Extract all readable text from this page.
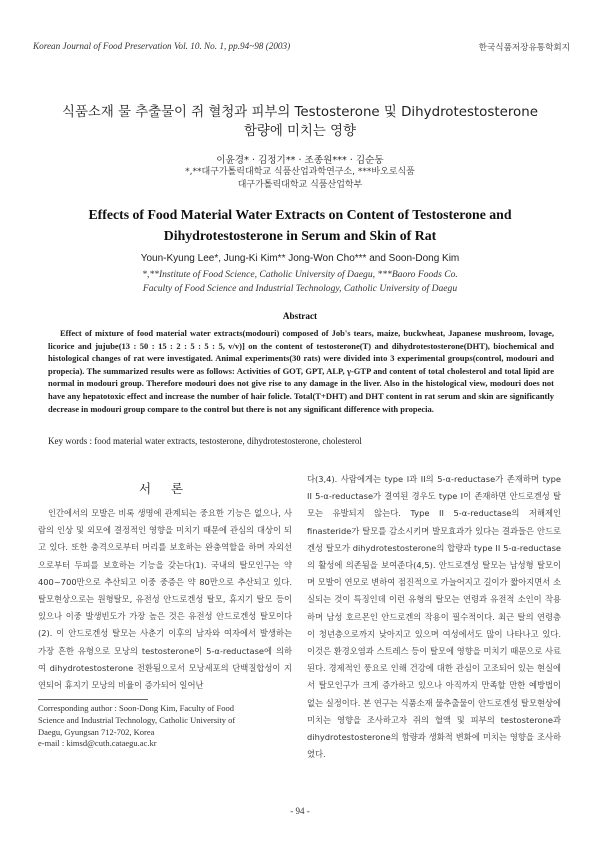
Korean Journal of Food Preservation Vol. 10. No. 1, pp.94~98 (2003)	한국식품저장유통학회지
식품소재 물 추출물이 쥐 혈청과 피부의 Testosterone 및 Dihydrotestosterone 함량에 미치는 영향
이윤경* · 김정기** · 조종원*** · 김순동
*,**대구가톨릭대학교 식품산업과학연구소, ***바오로식품
대구가톨릭대학교 식품산업학부
Effects of Food Material Water Extracts on Content of Testosterone and Dihydrotestosterone in Serum and Skin of Rat
Youn-Kyung Lee*, Jung-Ki Kim** Jong-Won Cho*** and Soon-Dong Kim
*,**Institute of Food Science, Catholic University of Daegu, ***Baoro Foods Co.
Faculty of Food Science and Industrial Technology, Catholic University of Daegu
Abstract
Effect of mixture of food material water extracts(modouri) composed of Job's tears, maize, buckwheat, Japanese mushroom, lovage, licorice and jujube(13 : 50 : 15 : 2 : 5 : 5 : 5, v/v)] on the content of testosterone(T) and dihydrotestosterone(DHT), biochemical and histological changes of rat were investigated. Animal experiments(30 rats) were divided into 3 experimental groups(control, modouri and propecia). The summarized results were as follows: Activities of GOT, GPT, ALP, γ-GTP and content of total cholesterol and total lipid are normal in modouri group. Therefore modouri does not give rise to any damage in the liver. Also in the histological view, modouri does not have any hepatotoxic effect and increase the number of hair folicle. Total(T+DHT) and DHT content in rat serum and skin are significantly decrease in modouri group compare to the control but there is not any significant difference with propecia.
Key words : food material water extracts, testosterone, dihydrotestosterone, cholesterol
서 론
인간에서의 모발은 비록 생명에 관계되는 중요한 기능은 없으나, 사람의 인상 및 외모에 결정적인 영향을 미치기 때문에 관심의 대상이 되고 있다. 또한 충격으로부터 머리를 보호하는 완충역할을 하며 자외선으로부터 두피를 보호하는 기능을 갖는다(1). 국내의 탈모인구는 약 400~700만으로 추산되고 이중 중증은 약 80만으로 추산되고 있다. 탈모현상으로는 원형탈모, 유전성 안드로겐성 탈모, 휴지기 탈모 등이 있으나 이중 발생빈도가 가장 높은 것은 유전성 안드로겐성 탈모이다(2). 이 안드로겐성 탈모는 사춘기 이후의 남자와 여자에서 발생하는 가장 흔한 유형으로 모낭의 testosterone이 5-α-reductase에 의하여 dihydrotestosterone 전환됨으로서 모낭세포의 단백질합성이 지연되어 휴지기 모낭의 비율이 증가되어 일어난
다(3,4). 사람에게는 type I과 II의 5-α-reductase가 존재하며 type II 5-α-reductase가 결여된 경우도 type I이 존재하면 안드로겐성 탈모는 유발되지 않는다. Type II 5-α-reductase의 저해제인 finasteride가 탈모를 감소시키며 발모효과가 있다는 결과들은 안드로겐성 탈모가 dihydrotestosterone의 합량과 type II 5-α-reductase의 활성에 의존됨을 보여준다(4,5). 안드로겐성 탈모는 남성형 탈모이며 모발이 연모로 변하여 점진적으로 가늘어지고 길이가 짧아지면서 소실되는 것이 특징인데 이런 유형의 탈모는 연령과 유전적 소인이 작용하며 남성 호르몬인 안드로겐의 작용이 필수적이다. 최근 탈의 연령층이 청년층으로까지 낮아지고 있으며 여성에서도 많이 나타나고 있다. 이것은 환경오염과 스트레스 등이 탈모에 영향을 미치기 때문으로 사료된다. 경제적인 풍요로 인해 건강에 대한 관심이 고조되어 있는 현실에서 탈모인구가 크게 증가하고 있으나 아직까지 만족할 만한 예방법이 없는 실정이다. 본 연구는 식품소재 물추출물이 안드로겐성 탈모현상에 미치는 영향을 조사하고자 쥐의 혈액 및 피부의 testosterone과 dihydrotestosterone의 함량과 생화적 변화에 미치는 영향을 조사하였다.
Corresponding author : Soon-Dong Kim, Faculty of Food
Science and Industrial Technology, Catholic University of
Daegu, Gyungsan 712-702, Korea
e-mail : kimsd@cuth.cataegu.ac.kr
- 94 -
